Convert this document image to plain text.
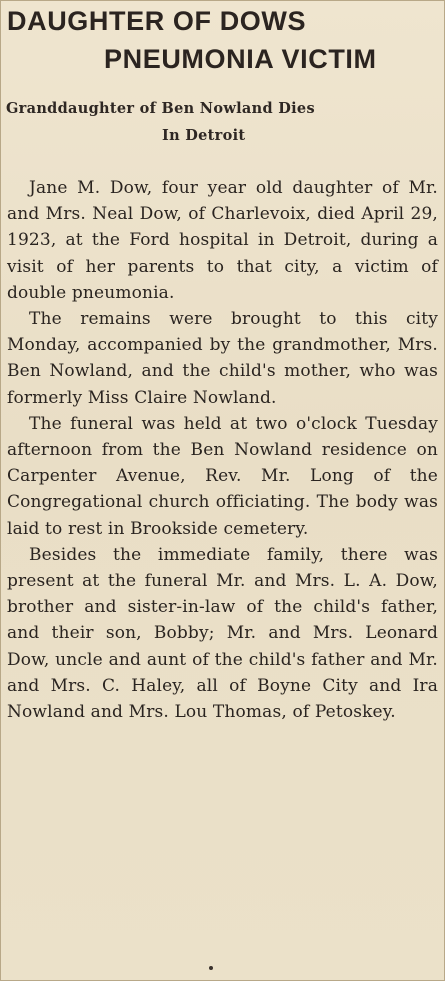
DAUGHTER OF DOWS
PNEUMONIA VICTIM
Granddaughter of Ben Nowland Dies
In Detroit

Jane M. Dow, four year old daughter of Mr. and Mrs. Neal Dow, of Charlevoix, died April 29, 1923, at the Ford hospital in Detroit, during a visit of her parents to that city, a victim of double pneumonia.

The remains were brought to this city Monday, accompanied by the grandmother, Mrs. Ben Nowland, and the child's mother, who was formerly Miss Claire Nowland.

The funeral was held at two o'clock Tuesday afternoon from the Ben Nowland residence on Carpenter Avenue, Rev. Mr. Long of the Congregational church officiating. The body was laid to rest in Brookside cemetery.

Besides the immediate family, there was present at the funeral Mr. and Mrs. L. A. Dow, brother and sister-in-law of the child's father, and their son, Bobby; Mr. and Mrs. Leonard Dow, uncle and aunt of the child's father and Mr. and Mrs. C. Haley, all of Boyne City and Ira Nowland and Mrs. Lou Thomas, of Petoskey.
